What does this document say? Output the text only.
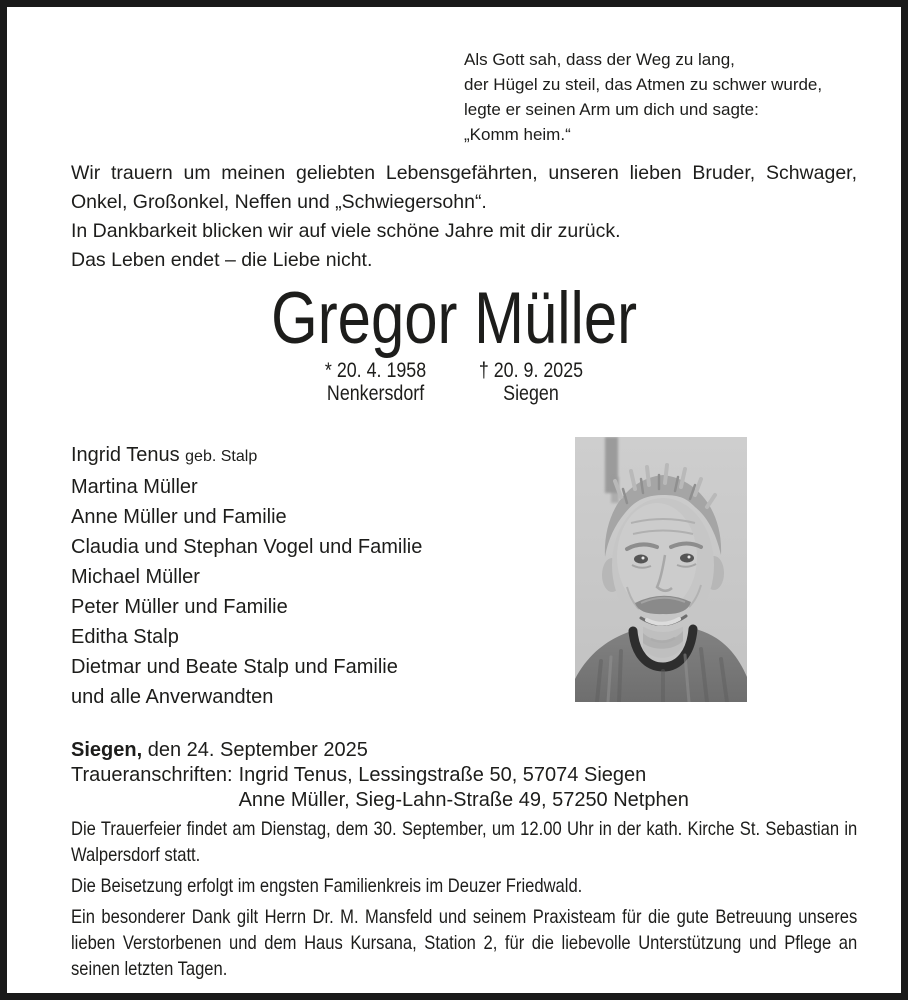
Als Gott sah, dass der Weg zu lang,
der Hügel zu steil, das Atmen zu schwer wurde,
legte er seinen Arm um dich und sagte:
„Komm heim.“

Wir trauern um meinen geliebten Lebensgefährten, unseren lieben Bruder, Schwager, Onkel, Großonkel, Neffen und „Schwiegersohn“.

In Dankbarkeit blicken wir auf viele schöne Jahre mit dir zurück.

Das Leben endet – die Liebe nicht.

Gregor Müller
* 20. 4. 1958
Nenkersdorf
† 20. 9. 2025
Siegen
Ingrid Tenus geb. Stalp
Martina Müller
Anne Müller und Familie
Claudia und Stephan Vogel und Familie
Michael Müller
Peter Müller und Familie
Editha Stalp
Dietmar und Beate Stalp und Familie
und alle Anverwandten
Siegen, den 24. September 2025
Traueranschriften: Ingrid Tenus, Lessingstraße 50, 57074 Siegen
Anne Müller, Sieg-Lahn-Straße 49, 57250 Netphen

Die Trauerfeier findet am Dienstag, dem 30. September, um 12.00 Uhr in der kath. Kirche St. Sebastian in Walpersdorf statt.

Die Beisetzung erfolgt im engsten Familienkreis im Deuzer Friedwald.

Ein besonderer Dank gilt Herrn Dr. M. Mansfeld und seinem Praxisteam für die gute Betreuung unseres lieben Verstorbenen und dem Haus Kursana, Station 2, für die liebevolle Unterstützung und Pflege an seinen letzten Tagen.
